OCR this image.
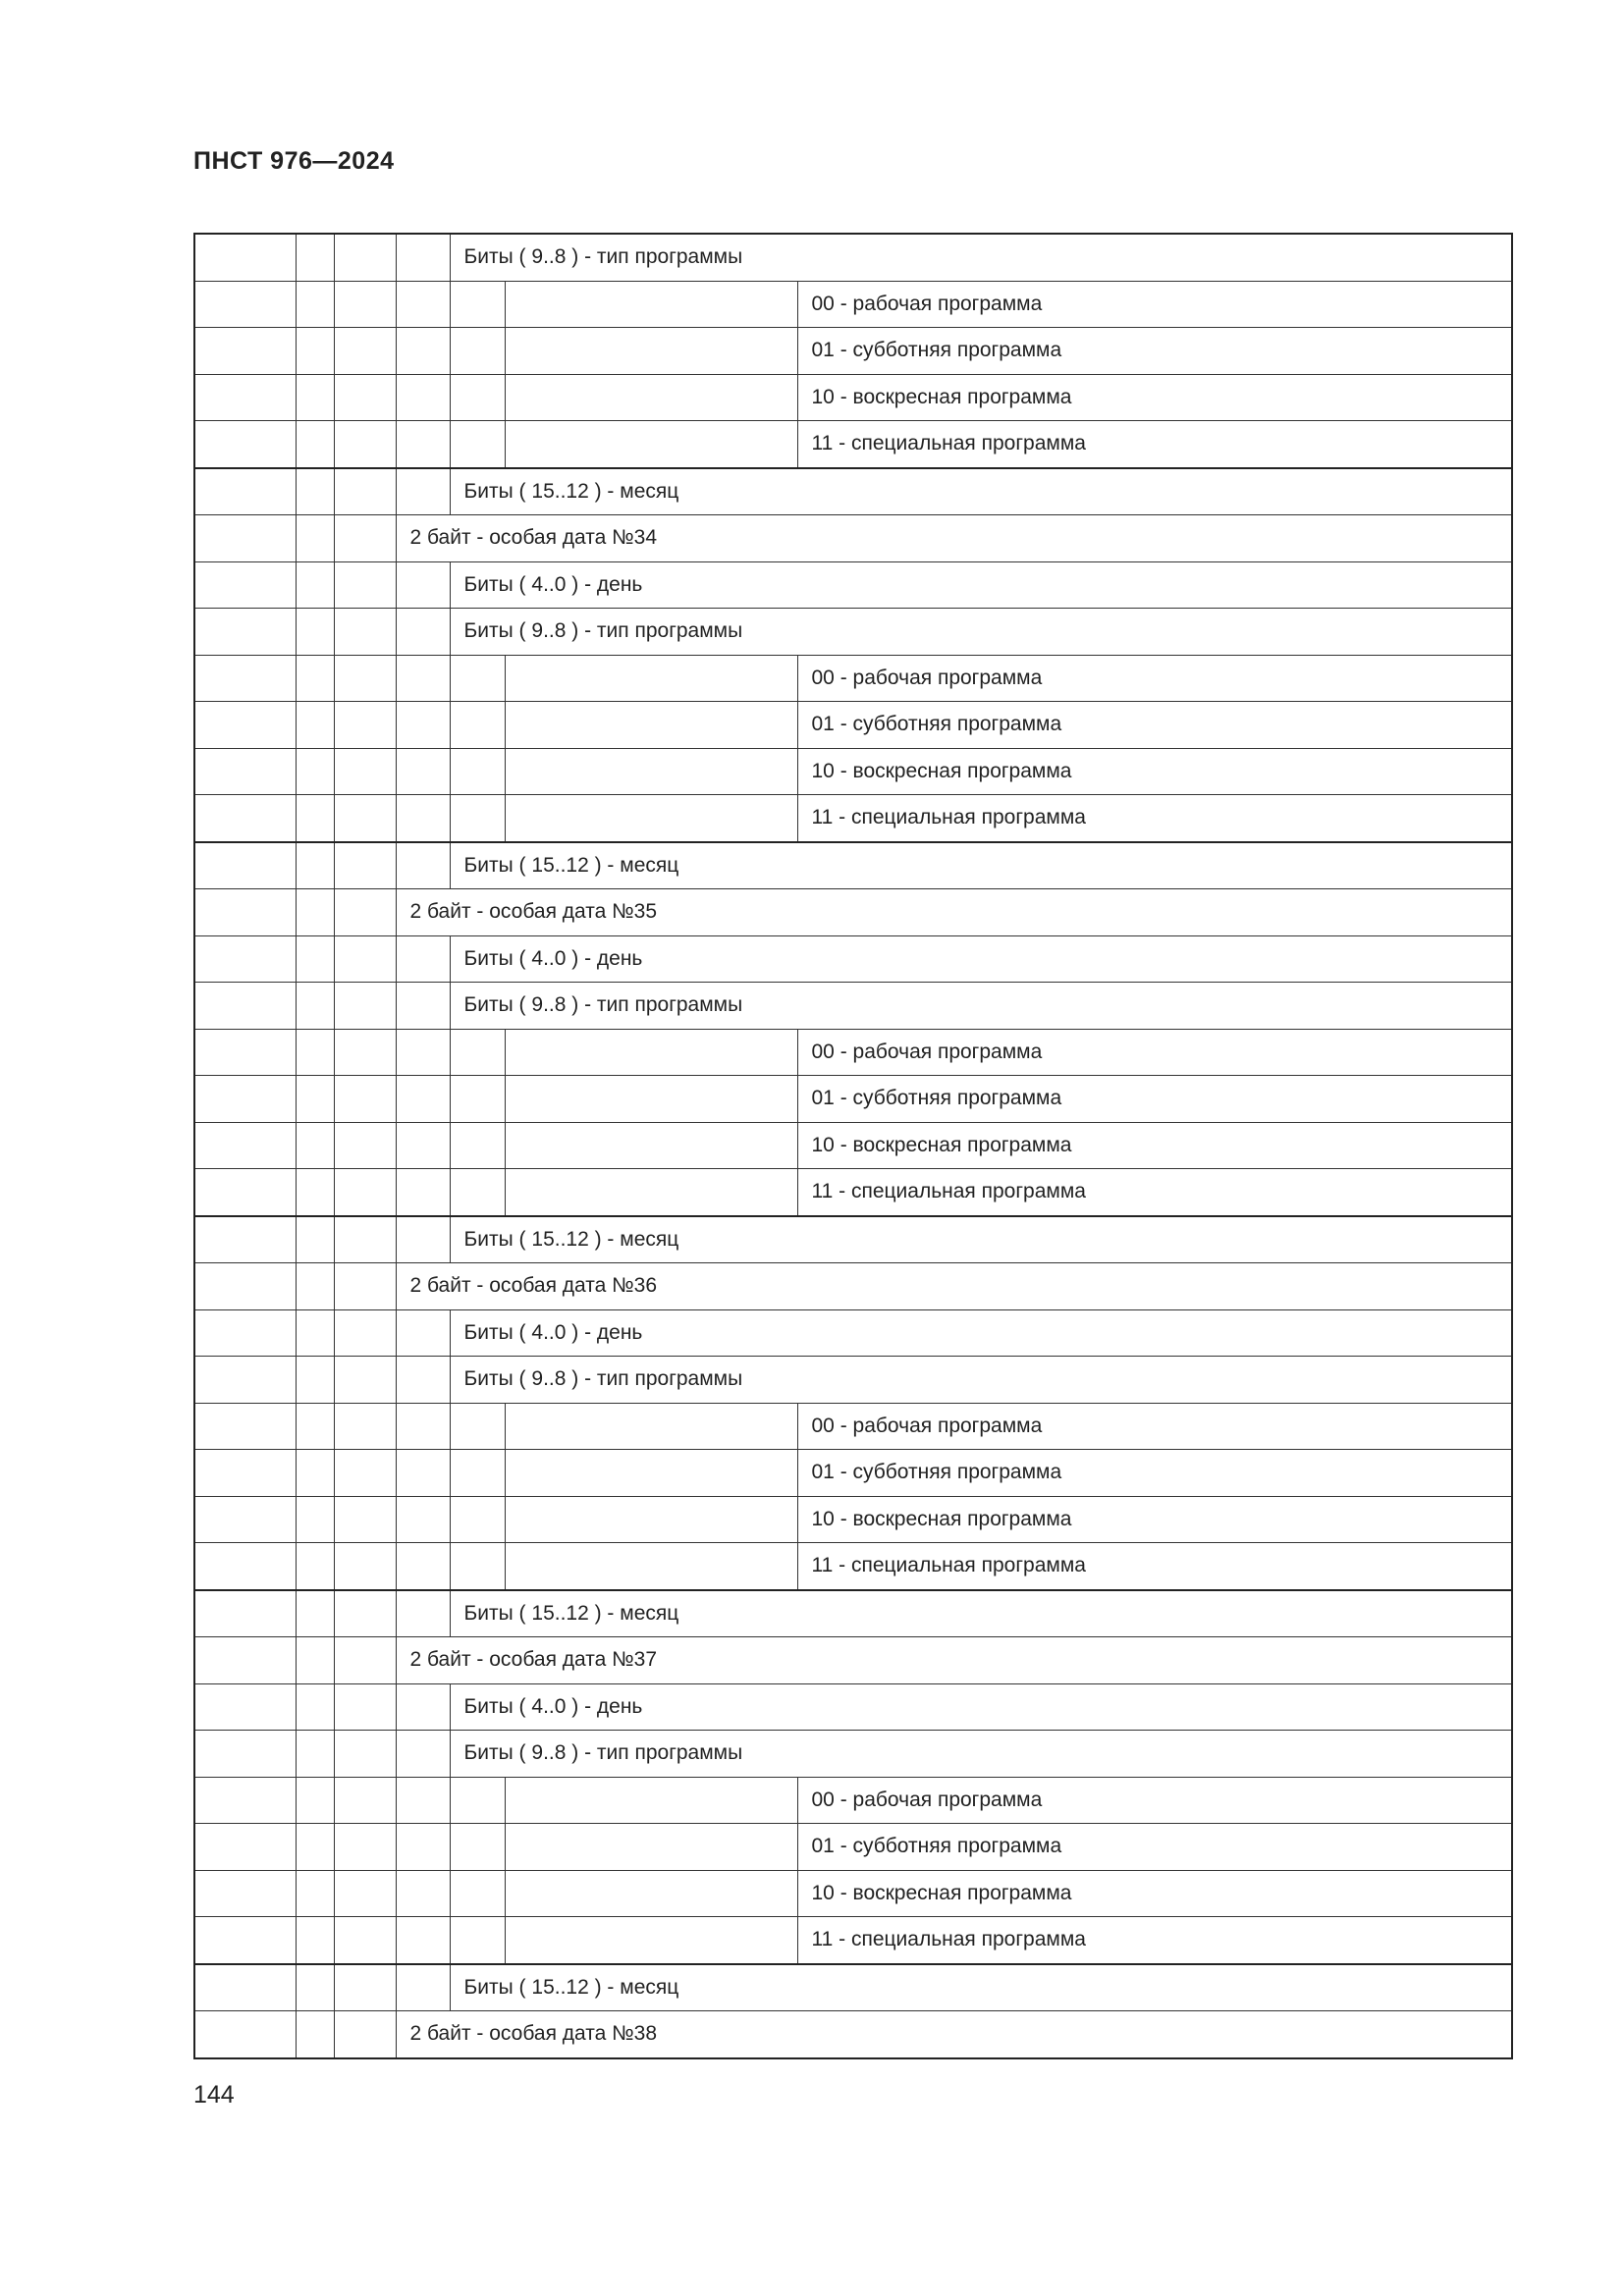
ПНСТ 976—2024
				Биты ( 9..8 ) - тип программы		
						00 - рабочая программа
						01 - субботняя программа
						10 - воскресная программа
						11 - специальная программа
				Биты ( 15..12 ) - месяц		
			2 байт - особая дата №34			
				Биты ( 4..0 ) - день		
				Биты ( 9..8 ) - тип программы		
						00 - рабочая программа
						01 - субботняя программа
						10 - воскресная программа
						11 - специальная программа
				Биты ( 15..12 ) - месяц		
			2 байт - особая дата №35			
				Биты ( 4..0 ) - день		
				Биты ( 9..8 ) - тип программы		
						00 - рабочая программа
						01 - субботняя программа
						10 - воскресная программа
						11 - специальная программа
				Биты ( 15..12 ) - месяц		
			2 байт - особая дата №36			
				Биты ( 4..0 ) - день		
				Биты ( 9..8 ) - тип программы		
						00 - рабочая программа
						01 - субботняя программа
						10 - воскресная программа
						11 - специальная программа
				Биты ( 15..12 ) - месяц		
			2 байт - особая дата №37			
				Биты ( 4..0 ) - день		
				Биты ( 9..8 ) - тип программы		
						00 - рабочая программа
						01 - субботняя программа
						10 - воскресная программа
						11 - специальная программа
				Биты ( 15..12 ) - месяц		
			2 байт - особая дата №38			
144
